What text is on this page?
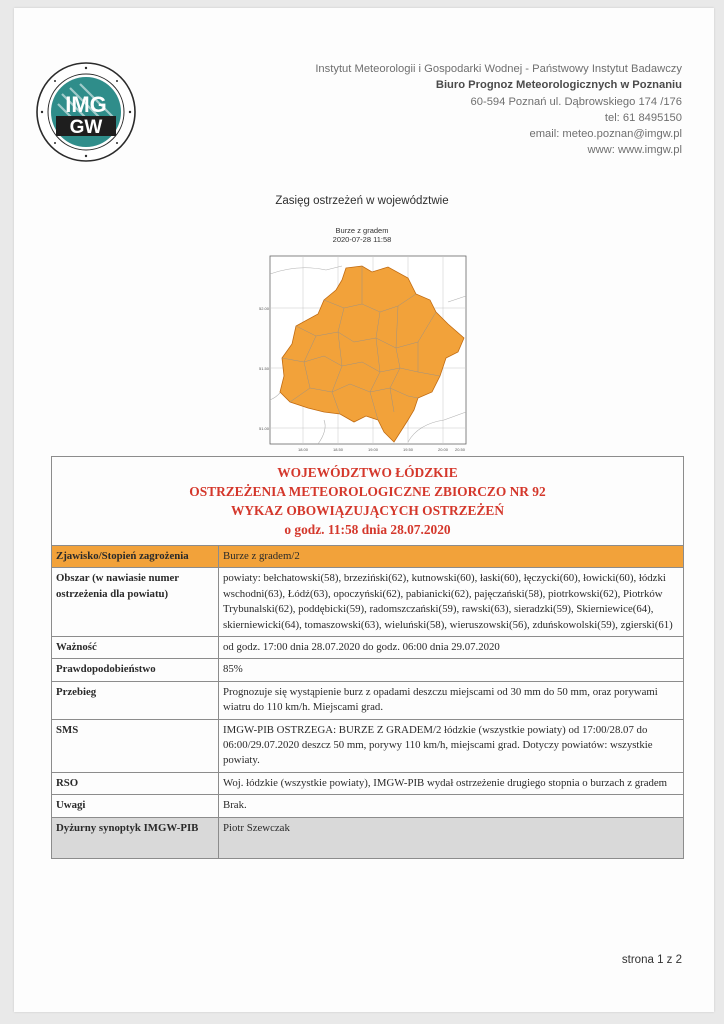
IMG
GW
Instytut Meteorologii i Gospodarki Wodnej - Państwowy Instytut Badawczy
Biuro Prognoz Meteorologicznych w Poznaniu
60-594 Poznań ul. Dąbrowskiego 174 /176
tel: 61 8495150
email: meteo.poznan@imgw.pl
www: www.imgw.pl
Zasięg ostrzeżeń w województwie
Burze z gradem
2020-07-28 11:58
52.00
51.50
51.00
18.00	18.50	19.00	19.50	20.00 20.50
WOJEWÓDZTWO ŁÓDZKIE
OSTRZEŻENIA METEOROLOGICZNE ZBIORCZO NR 92
WYKAZ OBOWIĄZUJĄCYCH OSTRZEŻEŃ
o godz. 11:58 dnia 28.07.2020	

Zjawisko/Stopień zagrożenia	Burze z gradem/2
Obszar (w nawiasie numer ostrzeżenia dla powiatu)	powiaty: bełchatowski(58), brzeziński(62), kutnowski(60), łaski(60), łęczycki(60), łowicki(60), łódzki wschodni(63), Łódź(63), opoczyński(62), pabianicki(62), pajęczański(58), piotrkowski(62), Piotrków Trybunalski(62), poddębicki(59), radomszczański(59), rawski(63), sieradzki(59), Skierniewice(64), skierniewicki(64), tomaszowski(63), wieluński(58), wieruszowski(56), zduńskowolski(59), zgierski(61)
Ważność	od godz. 17:00 dnia 28.07.2020 do godz. 06:00 dnia 29.07.2020
Prawdopodobieństwo	85%
Przebieg	Prognozuje się wystąpienie burz z opadami deszczu miejscami od 30 mm do 50 mm, oraz porywami wiatru do 110 km/h. Miejscami grad.
SMS	IMGW-PIB OSTRZEGA: BURZE Z GRADEM/2 łódzkie (wszystkie powiaty) od 17:00/28.07 do 06:00/29.07.2020 deszcz 50 mm, porywy 110 km/h, miejscami grad. Dotyczy powiatów: wszystkie powiaty.
RSO	Woj. łódzkie (wszystkie powiaty), IMGW-PIB wydał ostrzeżenie drugiego stopnia o burzach z gradem
Uwagi	Brak.
Dyżurny synoptyk IMGW-PIB	Piotr Szewczak
strona 1 z 2
